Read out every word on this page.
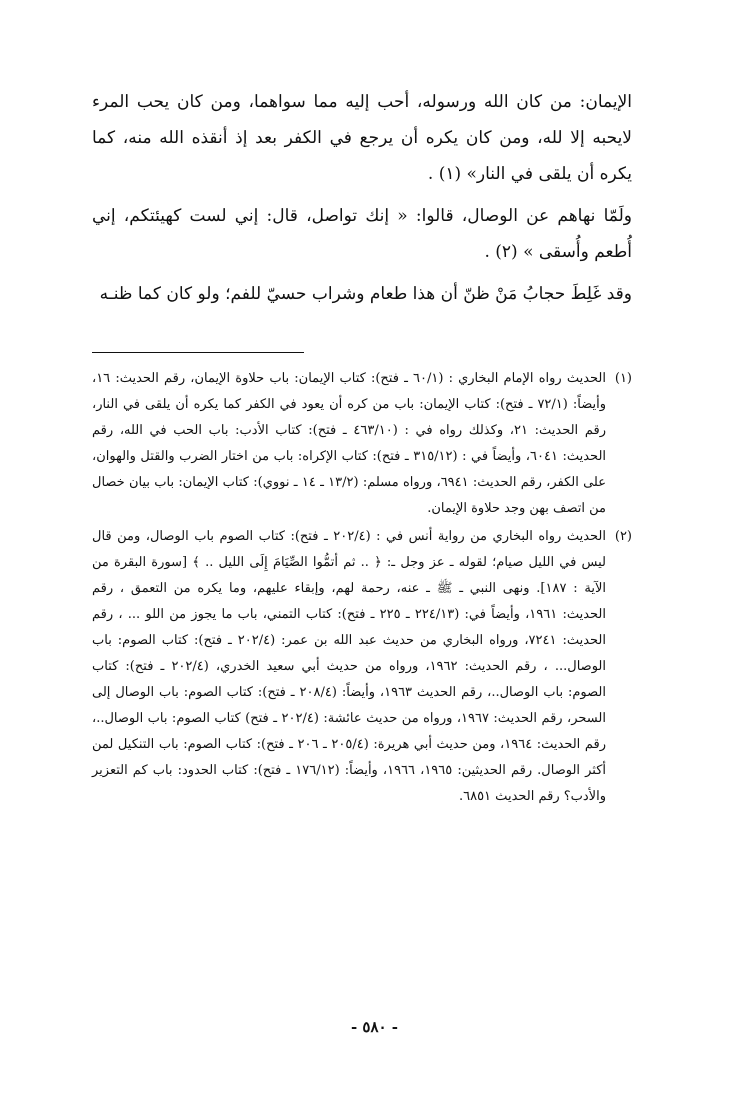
الإيمان: من كان الله ورسوله، أحب إليه مما سواهما، ومن كان يحب المرء لايحبه إلا لله، ومن كان يكره أن يرجع في الكفر بعد إذ أنقذه الله منه، كما يكره أن يلقى في النار» (١) .

ولَمّا نهاهم عن الوصال، قالوا: « إنك تواصل، قال: إني لست كهيئتكم، إني أُطعم وأُسقى » (٢) .

وقد غَلِطَ حجابُ مَنْ ظنّ أن هذا طعام وشراب حسيّ للفم؛ ولو كان كما ظنـه

(١)
الحديث رواه الإمام البخاري : (٦٠/١ ـ فتح): كتاب الإيمان: باب حلاوة الإيمان، رقم الحديث: ١٦، وأيضاً: (٧٢/١ ـ فتح): كتاب الإيمان: باب من كره أن يعود في الكفر كما يكره أن يلقى في النار، رقم الحديث: ٢١، وكذلك رواه في : (٤٦٣/١٠ ـ فتح): كتاب الأدب: باب الحب في الله، رقم الحديث: ٦٠٤١، وأيضاً في : (٣١٥/١٢ ـ فتح): كتاب الإكراه: باب من اختار الضرب والقتل والهوان، على الكفر، رقم الحديث: ٦٩٤١، ورواه مسلم: (١٣/٢ ـ ١٤ ـ نووي): كتاب الإيمان: باب بيان خصال من اتصف بهن وجد حلاوة الإيمان.
(٢)
الحديث رواه البخاري من رواية أنس في : (٢٠٢/٤ ـ فتح): كتاب الصوم باب الوصال، ومن قال ليس في الليل صيام؛ لقوله ـ عز وجل ـ: ﴿ .. ثم أتمُّوا الصِّيَامَ إِلَى الليل .. ﴾ [سورة البقرة من الآية : ١٨٧]. ونهى النبي ـ ﷺ ـ عنه، رحمة لهم، وإبقاء عليهم، وما يكره من التعمق ، رقم الحديث: ١٩٦١، وأيضاً في: (٢٢٤/١٣ ـ ٢٢٥ ـ فتح): كتاب التمني، باب ما يجوز من اللو ... ، رقم الحديث: ٧٢٤١، ورواه البخاري من حديث عبد الله بن عمر: (٢٠٢/٤ ـ فتح): كتاب الصوم: باب الوصال... ، رقم الحديث: ١٩٦٢، ورواه من حديث أبي سعيد الخدري، (٢٠٢/٤ ـ فتح): كتاب الصوم: باب الوصال..، رقم الحديث ١٩٦٣، وأيضاً: (٢٠٨/٤ ـ فتح): كتاب الصوم: باب الوصال إلى السحر، رقم الحديث: ١٩٦٧، ورواه من حديث عائشة: (٢٠٢/٤ ـ فتح) كتاب الصوم: باب الوصال..، رقم الحديث: ١٩٦٤، ومن حديث أبي هريرة: (٢٠٥/٤ ـ ٢٠٦ ـ فتح): كتاب الصوم: باب التنكيل لمن أكثر الوصال. رقم الحديثين: ١٩٦٥، ١٩٦٦، وأيضاً: (١٧٦/١٢ ـ فتح): كتاب الحدود: باب كم التعزير والأدب؟ رقم الحديث ٦٨٥١.
- ٥٨٠ -
